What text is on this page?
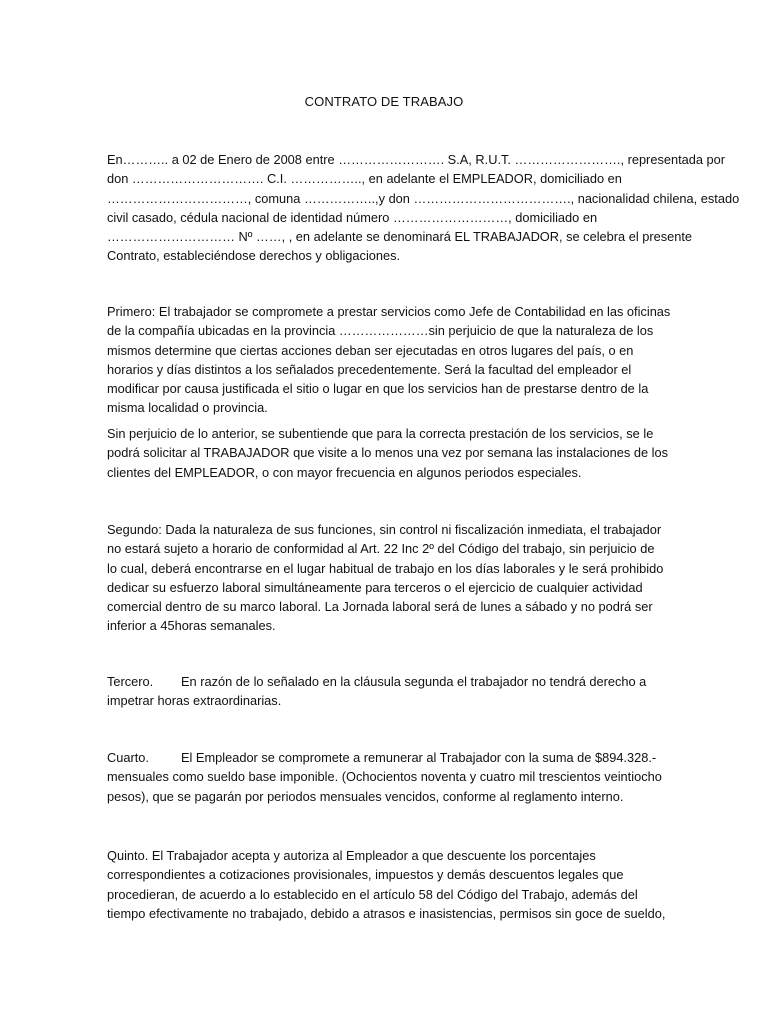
CONTRATO DE TRABAJO
En……….. a 02 de Enero de 2008 entre ……………………. S.A, R.U.T. ……………………., representada por
don …………………………. C.I. …………….., en adelante el EMPLEADOR, domiciliado en
……………………………, comuna ……………..,y don ………………………………., nacionalidad chilena, estado
civil casado, cédula nacional de identidad número ………………………, domiciliado en
………………………… Nº ……, , en adelante se denominará EL TRABAJADOR, se celebra el presente
Contrato, estableciéndose derechos y obligaciones.
Primero: El trabajador se compromete a prestar servicios como Jefe de Contabilidad en las oficinas
de la compañía ubicadas en la provincia …………………sin perjuicio de que la naturaleza de los
mismos determine que ciertas acciones deban ser ejecutadas en otros lugares del país, o en
horarios y días distintos a los señalados precedentemente. Será la facultad del empleador el
modificar por causa justificada el sitio o lugar en que los servicios han de prestarse dentro de la
misma localidad o provincia.
Sin perjuicio de lo anterior, se subentiende que para la correcta prestación de los servicios, se le
podrá solicitar al TRABAJADOR que visite a lo menos una vez por semana las instalaciones de los
clientes del EMPLEADOR, o con mayor frecuencia en algunos periodos especiales.
Segundo: Dada la naturaleza de sus funciones, sin control ni fiscalización inmediata, el trabajador
no estará sujeto a horario de conformidad al Art. 22 Inc 2º del Código del trabajo, sin perjuicio de
lo cual, deberá encontrarse en el lugar habitual de trabajo en los días laborales y le será prohibido
dedicar su esfuerzo laboral simultáneamente para terceros o el ejercicio de cualquier actividad
comercial dentro de su marco laboral. La Jornada laboral será de lunes a sábado y no podrá ser
inferior a 45horas semanales.
Tercero. En razón de lo señalado en la cláusula segunda el trabajador no tendrá derecho a
impetrar horas extraordinarias.
Cuarto.	El Empleador se compromete a remunerar al Trabajador con la suma de $894.328.-
mensuales como sueldo base imponible. (Ochocientos noventa y cuatro mil trescientos veintiocho
pesos), que se pagarán por periodos mensuales vencidos, conforme al reglamento interno.
Quinto. El Trabajador acepta y autoriza al Empleador a que descuente los porcentajes
correspondientes a cotizaciones provisionales, impuestos y demás descuentos legales que
procedieran, de acuerdo a lo establecido en el artículo 58 del Código del Trabajo, además del
tiempo efectivamente no trabajado, debido a atrasos e inasistencias, permisos sin goce de sueldo,
